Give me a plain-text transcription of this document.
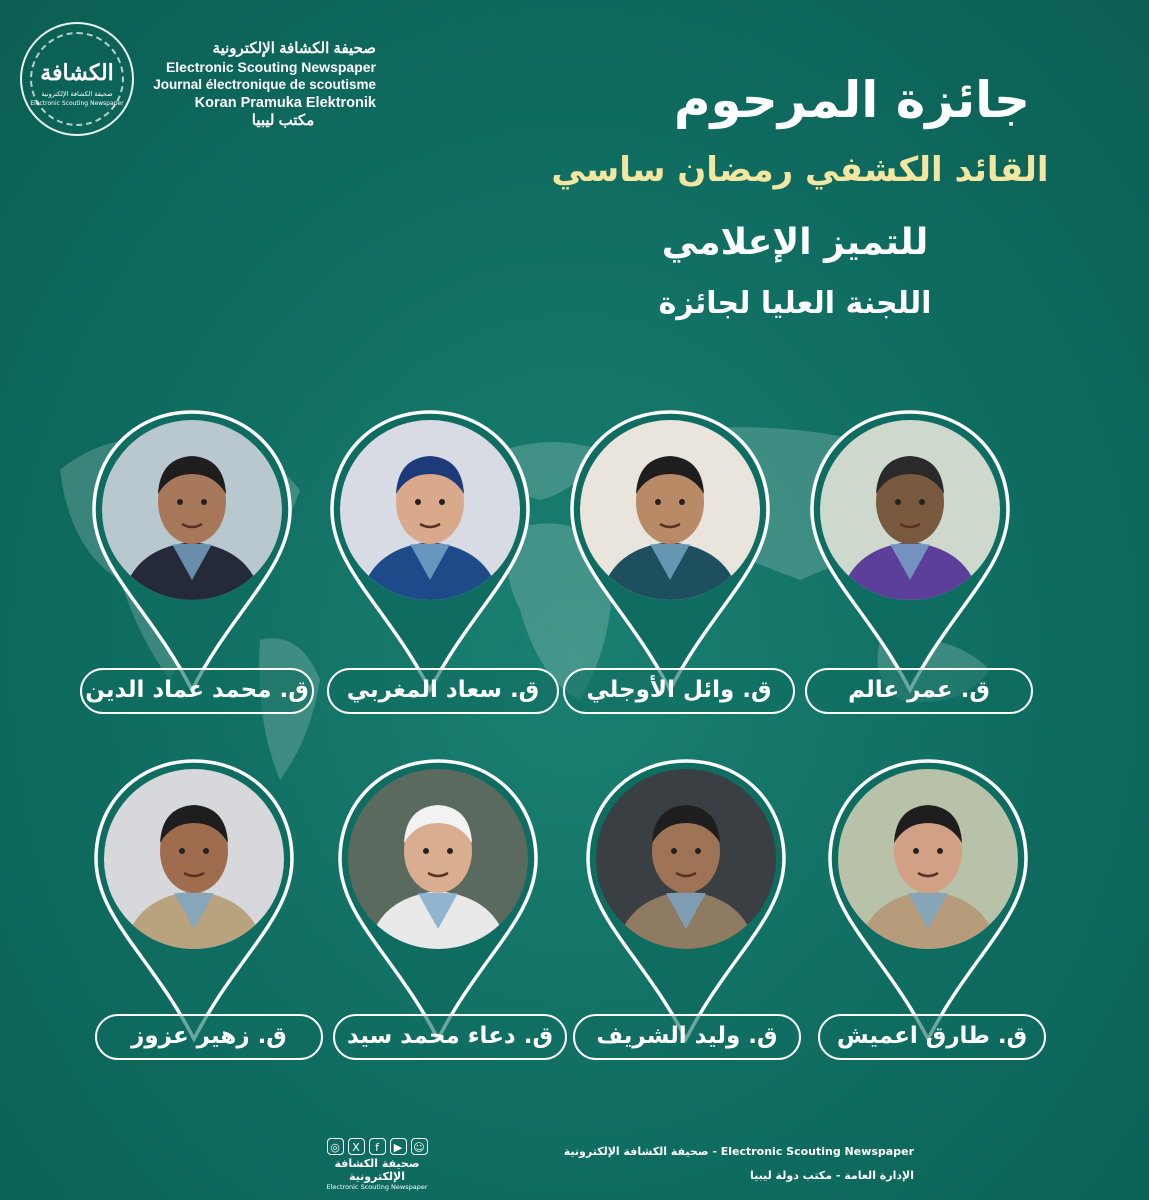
الكشافة
صحيفة الكشافة الإلكترونية
Electronic Scouting Newspaper
صحيفة الكشافة الإلكترونية
Electronic Scouting Newspaper
Journal électronique de scoutisme
Koran Pramuka Elektronik
مكتب ليبيا	جائزة المرحوم
القائد الكشفي رمضان ساسي
للتميز الإعلامي
اللجنة العليا لجائزة
ق. عمر عالم
ق. وائل الأوجلي
ق. سعاد المغربي
ق. محمد عماد الدين
ق. طارق اعميش
ق. وليد الشريف
ق. دعاء محمد سيد
ق. زهير عزوز
◎	X	f	▶	☺
صحيفة الكشافة الإلكترونية
Electronic Scouting Newspaper
صحيفة الكشافة الإلكترونية - Electronic Scouting Newspaper
الإدارة العامة - مكتب دولة ليبيا
